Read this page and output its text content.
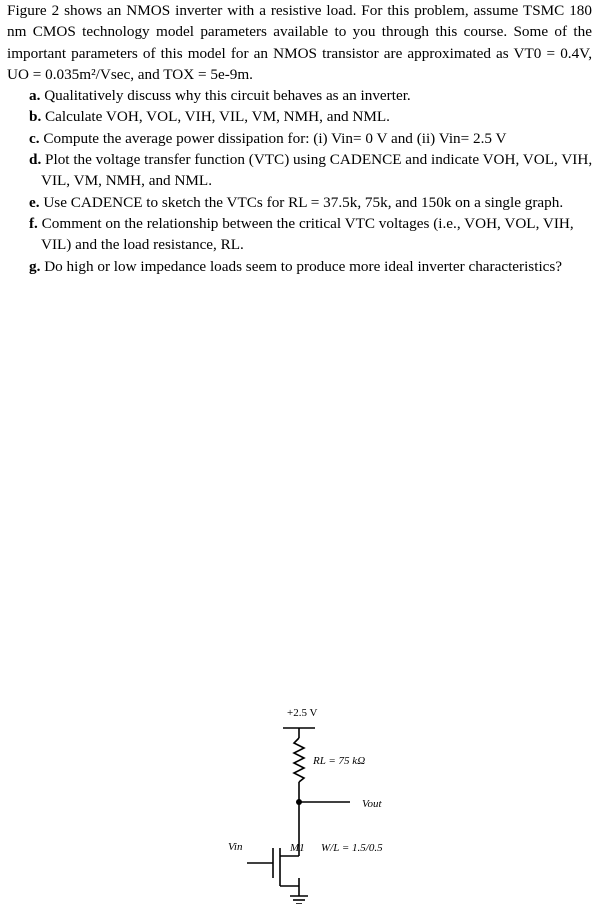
Figure 2 shows an NMOS inverter with a resistive load. For this problem, assume TSMC 180 nm CMOS technology model parameters available to you through this course. Some of the important parameters of this model for an NMOS transistor are approximated as VT0 = 0.4V, UO = 0.035m²/Vsec, and TOX = 5e-9m.

a. Qualitatively discuss why this circuit behaves as an inverter.
b. Calculate VOH, VOL, VIH, VIL, VM, NMH, and NML.
c. Compute the average power dissipation for: (i) Vin= 0 V and (ii) Vin= 2.5 V
d. Plot the voltage transfer function (VTC) using CADENCE and indicate VOH, VOL, VIH, VIL, VM, NMH, and NML.
e. Use CADENCE to sketch the VTCs for RL = 37.5k, 75k, and 150k on a single graph.
f. Comment on the relationship between the critical VTC voltages (i.e., VOH, VOL, VIH, VIL) and the load resistance, RL.
g. Do high or low impedance loads seem to produce more ideal inverter characteristics?
+2.5 V
RL = 75 kΩ
Vout
Vin	M1 W/L = 1.5/0.5
